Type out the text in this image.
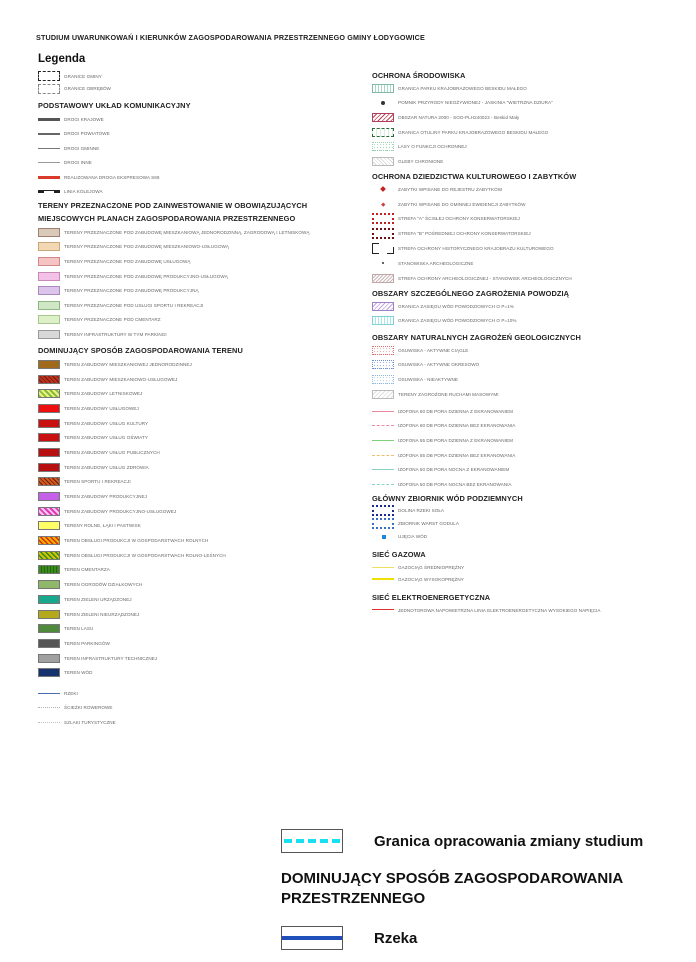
STUDIUM UWARUNKOWAŃ I KIERUNKÓW ZAGOSPODAROWANIA PRZESTRZENNEGO GMINY ŁODYGOWICE
Legenda
GRANICE GMINY
GRANICE OBRĘBÓW
PODSTAWOWY UKŁAD KOMUNIKACYJNY
DROGI KRAJOWE
DROGI POWIATOWE
DROGI GMINNE
DROGI INNE
REALIZOWANA DROGA EKSPRESOWA S69
LINIA KOLEJOWA
TERENY PRZEZNACZONE POD ZAINWESTOWANIE W OBOWIĄZUJĄCYCH
MIEJSCOWYCH PLANACH ZAGOSPODAROWANIA PRZESTRZENNEGO
TERENY PRZEZNACZONE POD ZABUDOWĘ MIESZKANIOWĄ JEDNORODZINNĄ, ZAGRODOWĄ I LETNISKOWĄ
TERENY PRZEZNACZONE POD ZABUDOWĘ MIESZKANIOWO-USŁUGOWĄ
TERENY PRZEZNACZONE POD ZABUDOWĘ USŁUGOWĄ
TERENY PRZEZNACZONE POD ZABUDOWĘ PRODUKCYJNO-USŁUGOWĄ
TERENY PRZEZNACZONE POD ZABUDOWĘ PRODUKCYJNĄ
TERENY PRZEZNACZONE POD USŁUGI SPORTU I REKREACJI
TERENY PRZEZNACZONE POD CMENTARZ
TERENY INFRASTRUKTURY W TYM PARKINGI
DOMINUJĄCY SPOSÓB ZAGOSPODAROWANIA TERENU
TEREN ZABUDOWY MIESZKANIOWEJ JEDNORODZINNEJ
TEREN ZABUDOWY MIESZKANIOWO-USŁUGOWEJ
TEREN ZABUDOWY LETNISKOWEJ
TEREN ZABUDOWY USŁUGOWEJ
TEREN ZABUDOWY USŁUG KULTURY
TEREN ZABUDOWY USŁUG OŚWIATY
TEREN ZABUDOWY USŁUG PUBLICZNYCH
TEREN ZABUDOWY USŁUG ZDROWIA
TEREN SPORTU I REKREACJI
TEREN ZABUDOWY PRODUKCYJNEJ
TEREN ZABUDOWY PRODUKCYJNO-USŁUGOWEJ
TERENY ROLNE, ŁĄKI I PASTWISK
TEREN OBSŁUGI PRODUKCJI W GOSPODARSTWACH ROLNYCH
TEREN OBSŁUGI PRODUKCJI W GOSPODARSTWACH ROLNO-LEŚNYCH
TEREN CMENTARZA
TEREN OGRODÓW DZIAŁKOWYCH
TEREN ZIELENI URZĄDZONEJ
TEREN ZIELENI NIEURZĄDZONEJ
TEREN LASU
TEREN PARKINGÓW
TEREN INFRASTRUKTURY TECHNICZNEJ
TEREN WÓD
RZEKI
ŚCIEŻKI ROWEROWE
SZLAKI TURYSTYCZNE
OCHRONA ŚRODOWISKA
GRANICA PARKU KRAJOBRAZOWEGO BESKIDU MAŁEGO
POMNIK PRZYRODY NIEOŻYWIONEJ - JASKINIA "WIETRZNA DZIURA"
OBSZAR NATURA 2000 - SOO-PLH240023 - Beskid Mały
GRANICA OTULINY PARKU KRAJOBRAZOWEGO BESKIDU MAŁEGO
LASY O FUNKCJI OCHRONNEJ
GLEBY CHRONIONE
OCHRONA DZIEDZICTWA KULTUROWEGO I ZABYTKÓW
ZABYTKI WPISANE DO REJESTRU ZABYTKÓW
ZABYTKI WPISANE DO GMINNEJ EWIDENCJI ZABYTKÓW
STREFA "A" ŚCISŁEJ OCHRONY KONSERWATORSKIEJ
STREFA "B" POŚREDNIEJ OCHRONY KONSERWATORSKIEJ
STREFA OCHRONY HISTORYCZNEGO KRAJOBRAZU KULTUROWEGO
STANOWISKA ARCHEOLOGICZNE
STREFA OCHRONY ARCHEOLOGICZNEJ - STANOWISK ARCHEOLOGICZNYCH
OBSZARY SZCZEGÓLNEGO ZAGROŻENIA POWODZIĄ
GRANICA ZASIĘGU WÓD POWODZIOWYCH O P=1%
GRANICA ZASIĘGU WÓD POWODZIOWYCH O P=10%
OBSZARY NATURALNYCH ZAGROŻEŃ GEOLOGICZNYCH
OSUWISKA - AKTYWNE CIĄGLE
OSUWISKA - AKTYWNE OKRESOWO
OSUWISKA - NIEAKTYWNE
TERENY ZAGROŻONE RUCHAMI MASOWYMI
IZOFONA 60 DB PORA DZIENNA Z EKRANOWANIEM
IZOFONA 60 DB PORA DZIENNA BEZ EKRANOWANIA
IZOFONA 55 DB PORA DZIENNA Z EKRANOWANIEM
IZOFONA 55 DB PORA DZIENNA BEZ EKRANOWANIA
IZOFONA 50 DB PORA NOCNA Z EKRANOWANIEM
IZOFONA 50 DB PORA NOCNA BEZ EKRANOWANIA
GŁÓWNY ZBIORNIK WÓD PODZIEMNYCH
DOLINA RZEKI SOŁA
ZBIORNIK WARST GODULA
UJĘCIA WÓD
SIEĆ GAZOWA
GAZOCIĄG ŚREDNIOPRĘŻNY
GAZOCIĄG WYSOKOPRĘŻNY
SIEĆ ELEKTROENERGETYCZNA
JEDNOTOROWA NAPOWIETRZNA LINIA ELEKTROENERGETYCZNA WYSOKIEGO NAPIĘCIA
Granica opracowania zmiany studium
DOMINUJĄCY SPOSÓB ZAGOSPODAROWANIA
PRZESTRZENNEGO
Rzeka
